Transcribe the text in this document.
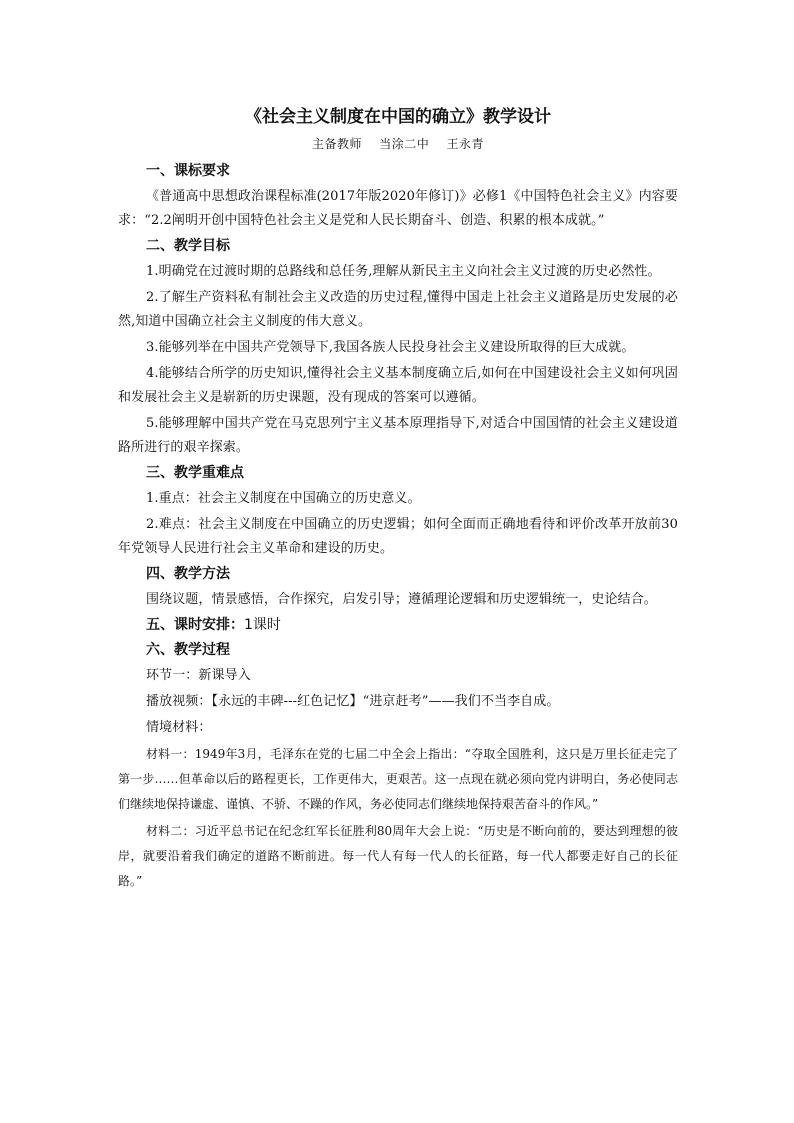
《社会主义制度在中国的确立》教学设计
主备教师    当涂二中    王永青
一、课标要求
《普通高中思想政治课程标准(2017年版2020年修订)》必修1《中国特色社会主义》内容要求：“2.2阐明开创中国特色社会主义是党和人民长期奋斗、创造、积累的根本成就。”
二、教学目标
1.明确党在过渡时期的总路线和总任务,理解从新民主主义向社会主义过渡的历史必然性。
2.了解生产资料私有制社会主义改造的历史过程,懂得中国走上社会主义道路是历史发展的必然,知道中国确立社会主义制度的伟大意义。
3.能够列举在中国共产党领导下,我国各族人民投身社会主义建设所取得的巨大成就。
4.能够结合所学的历史知识,懂得社会主义基本制度确立后,如何在中国建设社会主义如何巩固和发展社会主义是崭新的历史课题，没有现成的答案可以遵循。
5.能够理解中国共产党在马克思列宁主义基本原理指导下,对适合中国国情的社会主义建设道路所进行的艰辛探索。
三、教学重难点
1.重点：社会主义制度在中国确立的历史意义。
2.难点：社会主义制度在中国确立的历史逻辑；如何全面而正确地看待和评价改革开放前30年党领导人民进行社会主义革命和建设的历史。
四、教学方法
围绕议题，情景感悟，合作探究，启发引导；遵循理论逻辑和历史逻辑统一，史论结合。
五、课时安排：1课时
六、教学过程
环节一：新课导入
播放视频：【永远的丰碑---红色记忆】“进京赶考”——我们不当李自成。
情境材料：
材料一：1949年3月，毛泽东在党的七届二中全会上指出：“夺取全国胜利，这只是万里长征走完了第一步……但革命以后的路程更长，工作更伟大，更艰苦。这一点现在就必须向党内讲明白，务必使同志们继续地保持谦虚、谨慎、不骄、不躁的作风，务必使同志们继续地保持艰苦奋斗的作风。”
材料二：习近平总书记在纪念红军长征胜利80周年大会上说：“历史是不断向前的，要达到理想的彼岸，就要沿着我们确定的道路不断前进。每一代人有每一代人的长征路，每一代人都要走好自己的长征路。”
